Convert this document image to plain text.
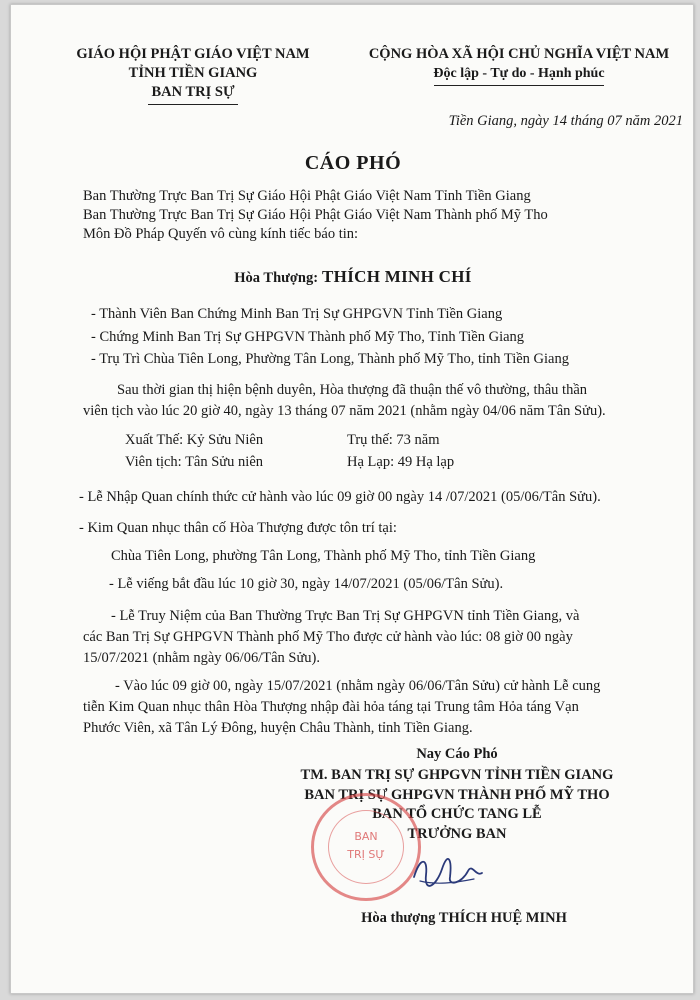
GIÁO HỘI PHẬT GIÁO VIỆT NAM
TỈNH TIỀN GIANG
BAN TRỊ SỰ
CỘNG HÒA XÃ HỘI CHỦ NGHĨA VIỆT NAM
Độc lập - Tự do - Hạnh phúc
Tiền Giang, ngày 14 tháng 07 năm 2021
CÁO PHÓ
Ban Thường Trực Ban Trị Sự Giáo Hội Phật Giáo Việt Nam Tỉnh Tiền Giang
Ban Thường Trực Ban Trị Sự Giáo Hội Phật Giáo Việt Nam Thành phố Mỹ Tho
Môn Đồ Pháp Quyến vô cùng kính tiếc báo tin:
Hòa Thượng: THÍCH MINH CHÍ
- Thành Viên Ban Chứng Minh Ban Trị Sự GHPGVN Tỉnh Tiền Giang
- Chứng Minh Ban Trị Sự GHPGVN Thành phố Mỹ Tho, Tỉnh Tiền Giang
- Trụ Trì Chùa Tiên Long, Phường Tân Long, Thành phố Mỹ Tho, tỉnh Tiền Giang
Sau thời gian thị hiện bệnh duyên, Hòa thượng đã thuận thế vô thường, thâu thần
viên tịch vào lúc 20 giờ 40, ngày 13 tháng 07 năm 2021 (nhằm ngày 04/06 năm Tân Sửu).
Xuất Thế: Kỷ Sửu Niên	Trụ thế: 73 năm
Viên tịch: Tân Sửu niên	Hạ Lạp: 49 Hạ lạp
- Lễ Nhập Quan chính thức cử hành vào lúc 09 giờ 00 ngày 14 /07/2021 (05/06/Tân Sửu).
- Kim Quan nhục thân cố Hòa Thượng được tôn trí tại:
Chùa Tiên Long, phường Tân Long, Thành phố Mỹ Tho, tỉnh Tiền Giang
- Lễ viếng bắt đầu lúc 10 giờ 30, ngày 14/07/2021 (05/06/Tân Sửu).
- Lễ Truy Niệm của Ban Thường Trực Ban Trị Sự GHPGVN tỉnh Tiền Giang, và
các Ban Trị Sự GHPGVN Thành phố Mỹ Tho được cử hành vào lúc: 08 giờ 00 ngày
15/07/2021 (nhằm ngày 06/06/Tân Sửu).
- Vào lúc 09 giờ 00, ngày 15/07/2021 (nhằm ngày 06/06/Tân Sửu) cử hành Lễ cung
tiễn Kim Quan nhục thân Hòa Thượng nhập đài hỏa táng tại Trung tâm Hỏa táng Vạn
Phước Viên, xã Tân Lý Đông, huyện Châu Thành, tỉnh Tiền Giang.
Nay Cáo Phó
TM. BAN TRỊ SỰ GHPGVN TỈNH TIỀN GIANG
BAN TRỊ SỰ GHPGVN THÀNH PHỐ MỸ THO
BAN TỔ CHỨC TANG LỄ
TRƯỞNG BAN
BAN
TRỊ SỰ
Hòa thượng THÍCH HUỆ MINH
